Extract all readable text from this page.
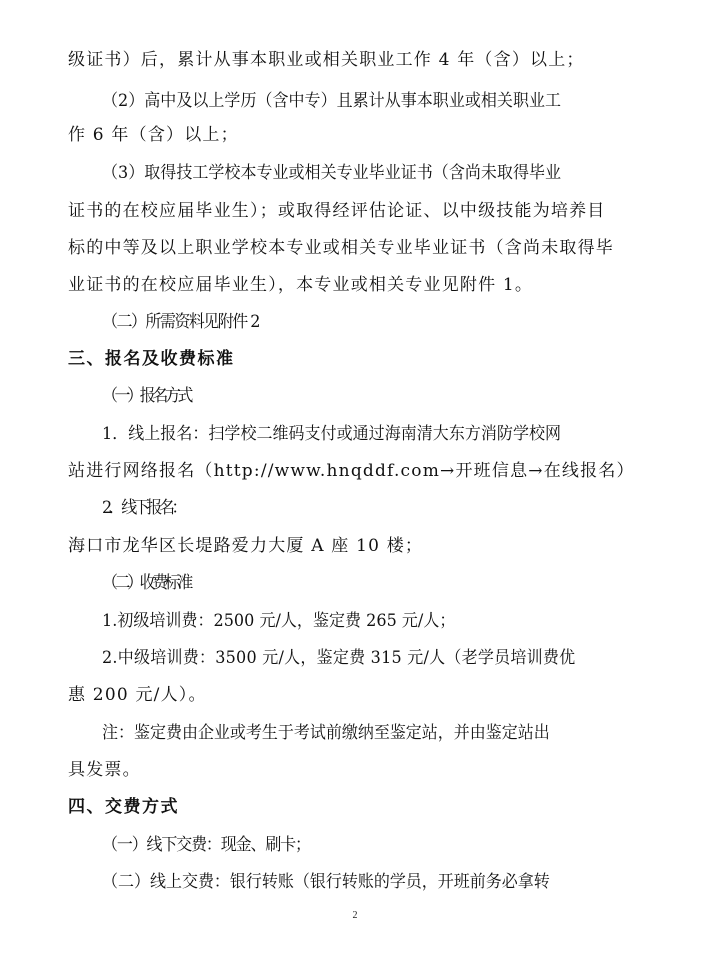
级证书）后，累计从事本职业或相关职业工作 4 年（含）以上；
（2）高中及以上学历（含中专）且累计从事本职业或相关职业工
作 6 年（含）以上；
（3）取得技工学校本专业或相关专业毕业证书（含尚未取得毕业
证书的在校应届毕业生）；或取得经评估论证、以中级技能为培养目
标的中等及以上职业学校本专业或相关专业毕业证书（含尚未取得毕
业证书的在校应届毕业生），本专业或相关专业见附件 1。
（二）所需资料见附件 2
三、报名及收费标准
（一）报名方式
1．线上报名：扫学校二维码支付或通过海南清大东方消防学校网
站进行网络报名（http://www.hnqddf.com→开班信息→在线报名）
2．线下报名：
海口市龙华区长堤路爱力大厦 A 座 10 楼；
（二）收费标准
1.初级培训费：2500 元/人，鉴定费 265 元/人；
2.中级培训费：3500 元/人，鉴定费 315 元/人（老学员培训费优
惠 200 元/人）。
注：鉴定费由企业或考生于考试前缴纳至鉴定站，并由鉴定站出
具发票。
四、交费方式
（一）线下交费：现金、刷卡；
（二）线上交费：银行转账（银行转账的学员，开班前务必拿转
2
